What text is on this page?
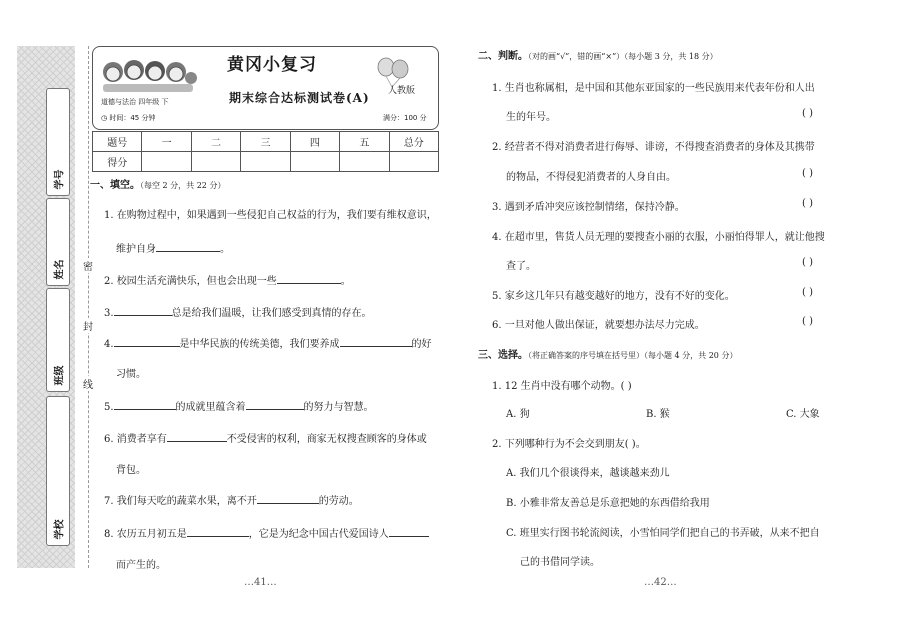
学号
姓名
班级
学校
密
封
线
黄冈小复习
人教版
道德与法治 四年级 下	期末综合达标测试卷(A)
◷ 时间：45 分钟	满分：100 分
题号	一	二	三	四	五	总分
得分						
一、填空。（每空 2 分，共 22 分）
1. 在购物过程中，如果遇到一些侵犯自己权益的行为，我们要有维权意识，
维护自身	。
2. 校园生活充满快乐，但也会出现一些	。
3.	总是给我们温暖，让我们感受到真情的存在。
4.	是中华民族的传统美德，我们要养成	的好
习惯。
5.	的成就里蕴含着	的努力与智慧。
6. 消费者享有	不受侵害的权利，商家无权搜查顾客的身体或
背包。
7. 我们每天吃的蔬菜水果，离不开	的劳动。
8. 农历五月初五是	，它是为纪念中国古代爱国诗人
而产生的。
二、判断。（对的画“√”，错的画“×”）（每小题 3 分，共 18 分）
1. 生肖也称属相，是中国和其他东亚国家的一些民族用来代表年份和人出
生的年号。	( )
2. 经营者不得对消费者进行侮辱、诽谤，不得搜查消费者的身体及其携带
的物品，不得侵犯消费者的人身自由。	( )
3. 遇到矛盾冲突应该控制情绪，保持冷静。	( )
4. 在超市里，售货人员无理的要搜查小丽的衣服，小丽怕得罪人，就让他搜
查了。	( )
5. 家乡这几年只有越变越好的地方，没有不好的变化。	( )
6. 一旦对他人做出保证，就要想办法尽力完成。	( )
三、选择。（将正确答案的序号填在括号里）（每小题 4 分，共 20 分）
1. 12 生肖中没有哪个动物。( )
A. 狗	B. 猴	C. 大象
2. 下列哪种行为不会交到朋友( )。
A. 我们几个很谈得来，越谈越来劲儿
B. 小雅非常友善总是乐意把她的东西借给我用
C. 班里实行图书轮流阅读，小雪怕同学们把自己的书弄破，从来不把自
己的书借同学读。
…41…	…42…
